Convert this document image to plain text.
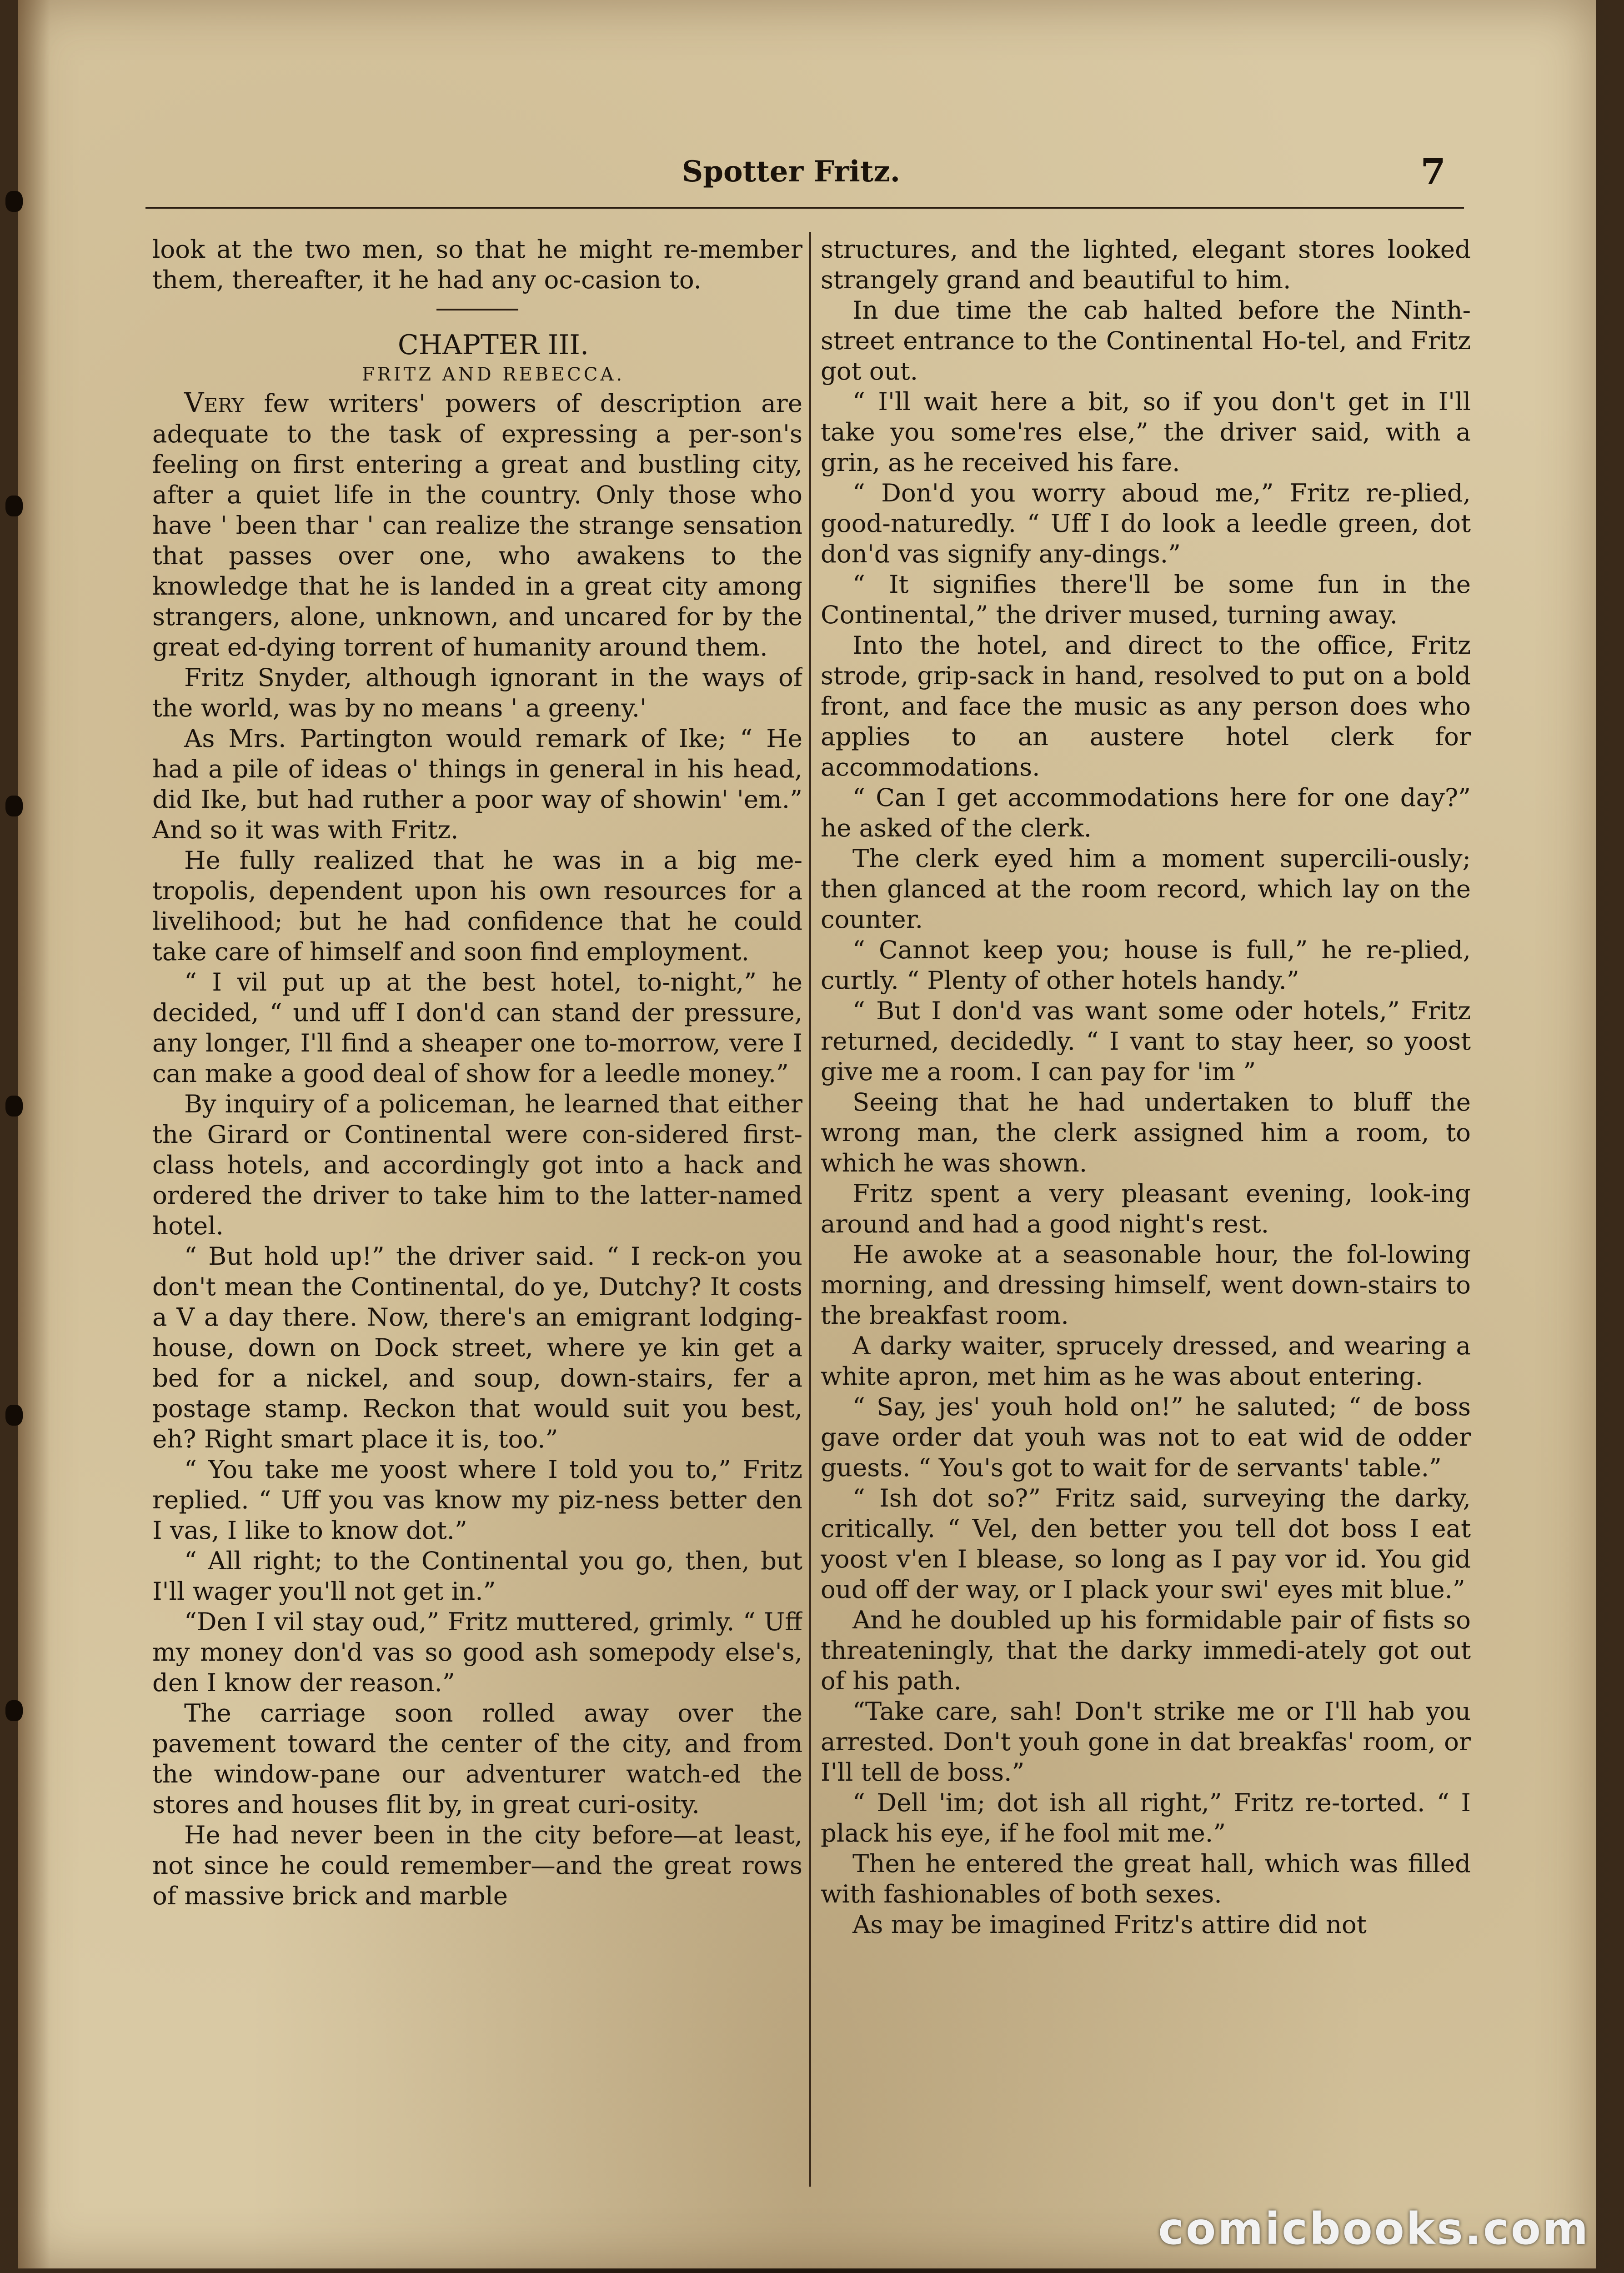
Spotter Fritz.	7

look at the two men, so that he might re-member them, thereafter, it he had any oc-casion to.

CHAPTER III.

FRITZ AND REBECCA.

Very few writers' powers of description are adequate to the task of expressing a per-son's feeling on first entering a great and bustling city, after a quiet life in the country. Only those who have ' been thar ' can realize the strange sensation that passes over one, who awakens to the knowledge that he is landed in a great city among strangers, alone, unknown, and uncared for by the great ed-dying torrent of humanity around them.

Fritz Snyder, although ignorant in the ways of the world, was by no means ' a greeny.'

As Mrs. Partington would remark of Ike; “ He had a pile of ideas o' things in general in his head, did Ike, but had ruther a poor way of showin' 'em.” And so it was with Fritz.

He fully realized that he was in a big me-tropolis, dependent upon his own resources for a livelihood; but he had confidence that he could take care of himself and soon find employment.

“ I vil put up at the best hotel, to-night,” he decided, “ und uff I don'd can stand der pressure, any longer, I'll find a sheaper one to-morrow, vere I can make a good deal of show for a leedle money.”

By inquiry of a policeman, he learned that either the Girard or Continental were con-sidered first-class hotels, and accordingly got into a hack and ordered the driver to take him to the latter-named hotel.

“ But hold up!” the driver said. “ I reck-on you don't mean the Continental, do ye, Dutchy? It costs a V a day there. Now, there's an emigrant lodging-house, down on Dock street, where ye kin get a bed for a nickel, and soup, down-stairs, fer a postage stamp. Reckon that would suit you best, eh? Right smart place it is, too.”

“ You take me yoost where I told you to,” Fritz replied. “ Uff you vas know my piz-ness better den I vas, I like to know dot.”

“ All right; to the Continental you go, then, but I'll wager you'll not get in.”

“Den I vil stay oud,” Fritz muttered, grimly. “ Uff my money don'd vas so good ash somepody else's, den I know der reason.”

The carriage soon rolled away over the pavement toward the center of the city, and from the window-pane our adventurer watch-ed the stores and houses flit by, in great curi-osity.

He had never been in the city before—at least, not since he could remember—and the great rows of massive brick and marble

structures, and the lighted, elegant stores looked strangely grand and beautiful to him.

In due time the cab halted before the Ninth-street entrance to the Continental Ho-tel, and Fritz got out.

“ I'll wait here a bit, so if you don't get in I'll take you some'res else,” the driver said, with a grin, as he received his fare.

“ Don'd you worry aboud me,” Fritz re-plied, good-naturedly. “ Uff I do look a leedle green, dot don'd vas signify any-dings.”

“ It signifies there'll be some fun in the Continental,” the driver mused, turning away.

Into the hotel, and direct to the office, Fritz strode, grip-sack in hand, resolved to put on a bold front, and face the music as any person does who applies to an austere hotel clerk for accommodations.

“ Can I get accommodations here for one day?” he asked of the clerk.

The clerk eyed him a moment supercili-ously; then glanced at the room record, which lay on the counter.

“ Cannot keep you; house is full,” he re-plied, curtly. “ Plenty of other hotels handy.”

“ But I don'd vas want some oder hotels,” Fritz returned, decidedly. “ I vant to stay heer, so yoost give me a room. I can pay for 'im ”

Seeing that he had undertaken to bluff the wrong man, the clerk assigned him a room, to which he was shown.

Fritz spent a very pleasant evening, look-ing around and had a good night's rest.

He awoke at a seasonable hour, the fol-lowing morning, and dressing himself, went down-stairs to the breakfast room.

A darky waiter, sprucely dressed, and wearing a white apron, met him as he was about entering.

“ Say, jes' youh hold on!” he saluted; “ de boss gave order dat youh was not to eat wid de odder guests. “ You's got to wait for de servants' table.”

“ Ish dot so?” Fritz said, surveying the darky, critically. “ Vel, den better you tell dot boss I eat yoost v'en I blease, so long as I pay vor id. You gid oud off der way, or I plack your swi' eyes mit blue.”

And he doubled up his formidable pair of fists so threateningly, that the darky immedi-ately got out of his path.

“Take care, sah! Don't strike me or I'll hab you arrested. Don't youh gone in dat breakfas' room, or I'll tell de boss.”

“ Dell 'im; dot ish all right,” Fritz re-torted. “ I plack his eye, if he fool mit me.”

Then he entered the great hall, which was filled with fashionables of both sexes.

As may be imagined Fritz's attire did not

comicbooks.com
